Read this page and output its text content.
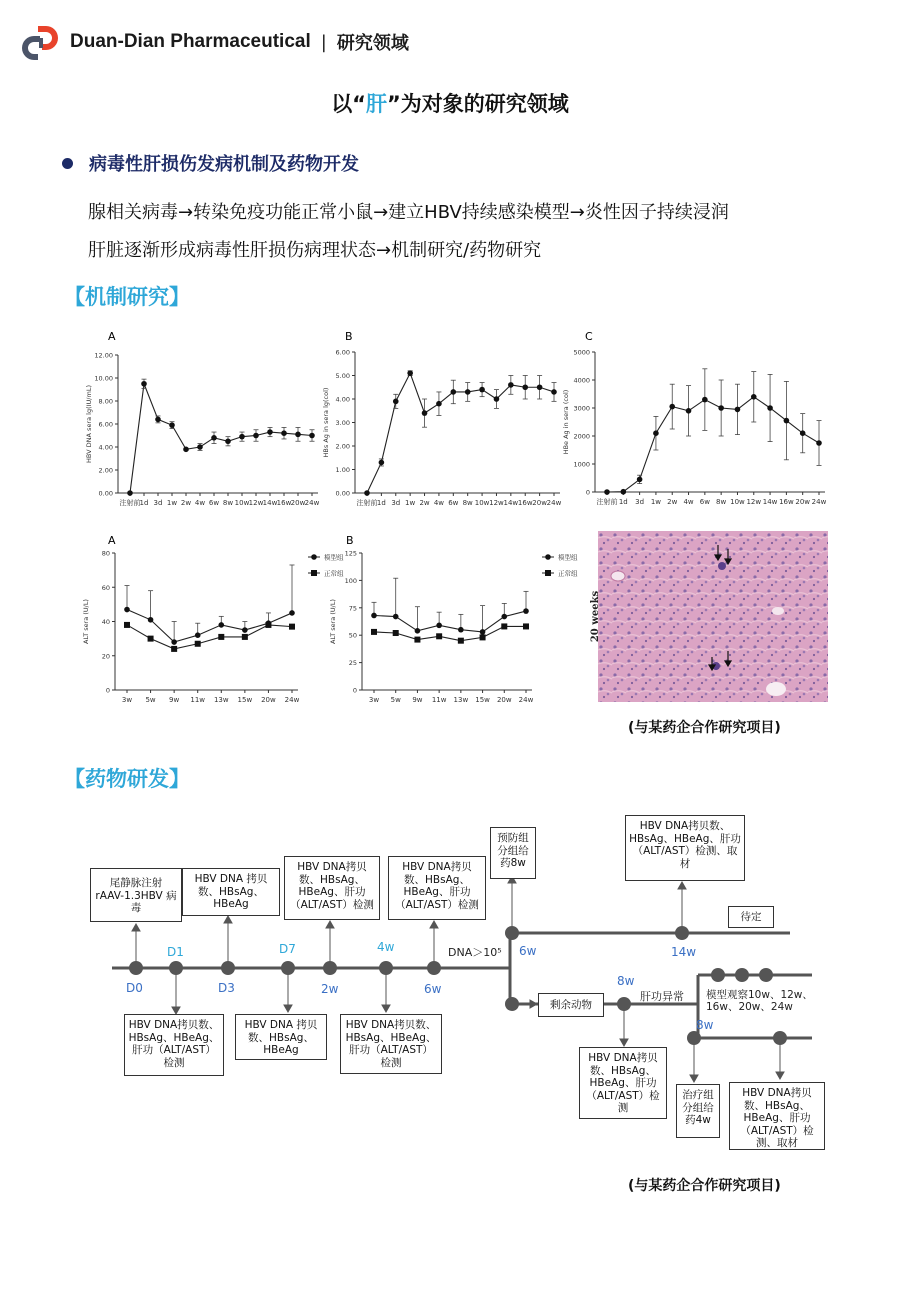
Duan-Dian Pharmaceutical | 研究领域
以“肝”为对象的研究领域
病毒性肝损伤发病机制及药物开发
腺相关病毒→转染免疫功能正常小鼠→建立HBV持续感染模型→炎性因子持续浸润
肝脏逐渐形成病毒性肝损伤病理状态→机制研究/药物研究
【机制研究】
A
0.00
2.00
4.00
6.00
8.00
10.00
12.00
注射前 1d 3d 1w 2w 4w 6w 8w 10w 12w 14w 16w 20w 24w
HBV DNA sera lg(IU/mL)
B
0.00
1.00
2.00
3.00
4.00
5.00
6.00
注射前 1d 3d 1w 2w 4w 6w 8w 10w 12w 14w 16w 20w 24w
HBs Ag in sera lg(col)
C
0
1000
2000
3000
4000
5000
注射前 1d 3d 1w 2w 4w 6w 8w 10w 12w 14w 16w 20w 24w
HBe Ag in sera (col)
A
0
20
40
60
80
3w 5w 9w 11w 13w 15w 20w 24w
ALT sera (U/L)
模型组
正常组
B
0
25
50
75
100
125
3w 5w 9w 11w 13w 15w 20w 24w
ALT sera (U/L)
模型组
正常组
20 weeks
(与某药企合作研究项目)
【药物研发】
D0
D1
D3
D7
2w
4w
6w
6w	14w
8w
8w
DNA＞10⁵
肝功异常 模型观察10w、12w、16w、20w、24w
尾静脉注射 rAAV-1.3HBV 病毒
HBV DNA 拷贝数、HBsAg、HBeAg
HBV DNA拷贝数、HBsAg、HBeAg、肝功（ALT/AST）检测
HBV DNA拷贝数、HBsAg、HBeAg、肝功（ALT/AST）检测
HBV DNA拷贝数、HBsAg、HBeAg、肝功（ALT/AST）检测
HBV DNA 拷贝数、HBsAg、HBeAg
HBV DNA拷贝数、HBsAg、HBeAg、肝功（ALT/AST）检测
预防组 分组给药8w
HBV DNA拷贝数、HBsAg、HBeAg、肝功（ALT/AST）检测、取材
待定
剩余动物
HBV DNA拷贝数、HBsAg、HBeAg、肝功（ALT/AST）检测
治疗组 分组给药4w
HBV DNA拷贝数、HBsAg、HBeAg、肝功（ALT/AST）检测、取材
(与某药企合作研究项目)
